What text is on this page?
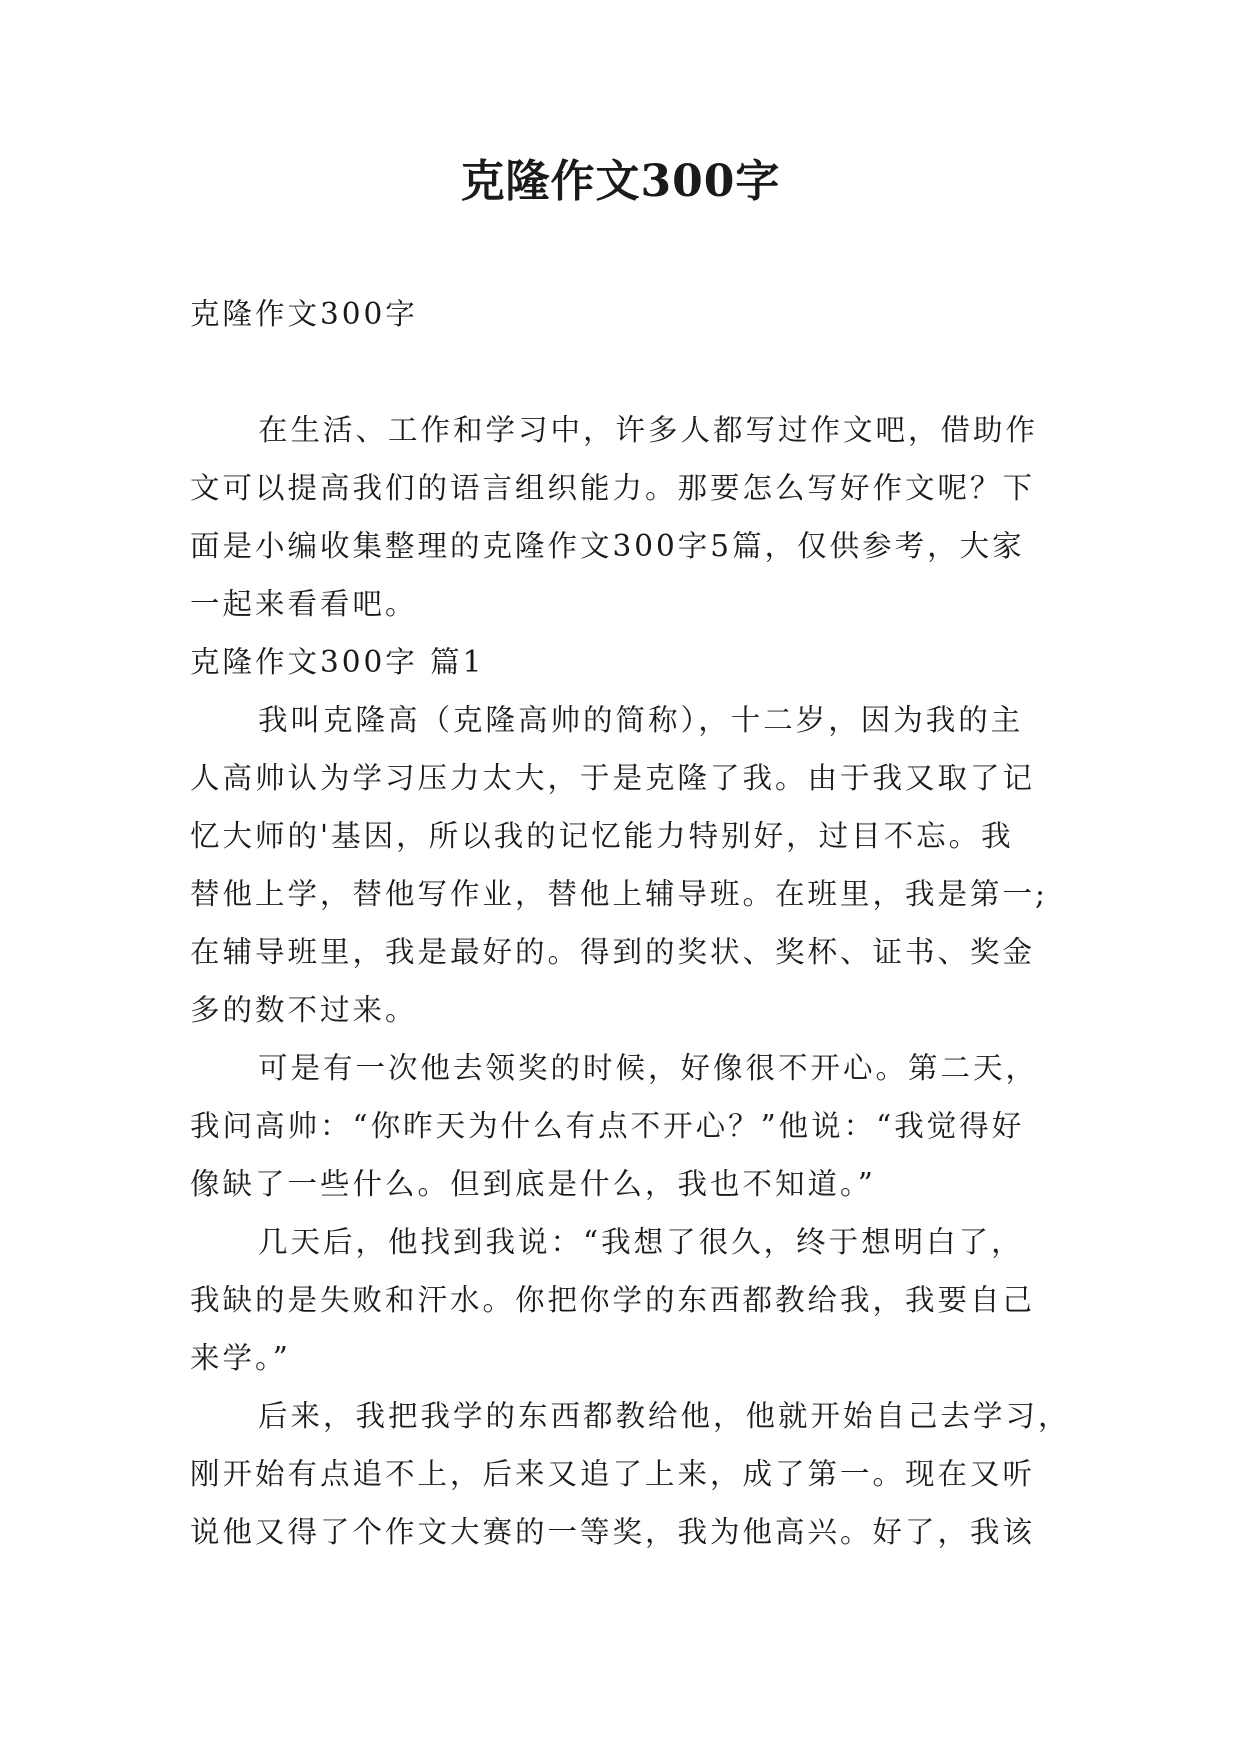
克隆作文300字
克隆作文300字
在生活、工作和学习中，许多人都写过作文吧，借助作
文可以提高我们的语言组织能力。那要怎么写好作文呢？下
面是小编收集整理的克隆作文300字5篇，仅供参考，大家
一起来看看吧。
克隆作文300字 篇1
我叫克隆高（克隆高帅的简称），十二岁，因为我的主
人高帅认为学习压力太大，于是克隆了我。由于我又取了记
忆大师的'基因，所以我的记忆能力特别好，过目不忘。我
替他上学，替他写作业，替他上辅导班。在班里，我是第一;
在辅导班里，我是最好的。得到的奖状、奖杯、证书、奖金
多的数不过来。
可是有一次他去领奖的时候，好像很不开心。第二天，
我问高帅：“你昨天为什么有点不开心？”他说：“我觉得好
像缺了一些什么。但到底是什么，我也不知道。”
几天后，他找到我说：“我想了很久，终于想明白了，
我缺的是失败和汗水。你把你学的东西都教给我，我要自己
来学。”
后来，我把我学的东西都教给他，他就开始自己去学习，
刚开始有点追不上，后来又追了上来，成了第一。现在又听
说他又得了个作文大赛的一等奖，我为他高兴。好了，我该
